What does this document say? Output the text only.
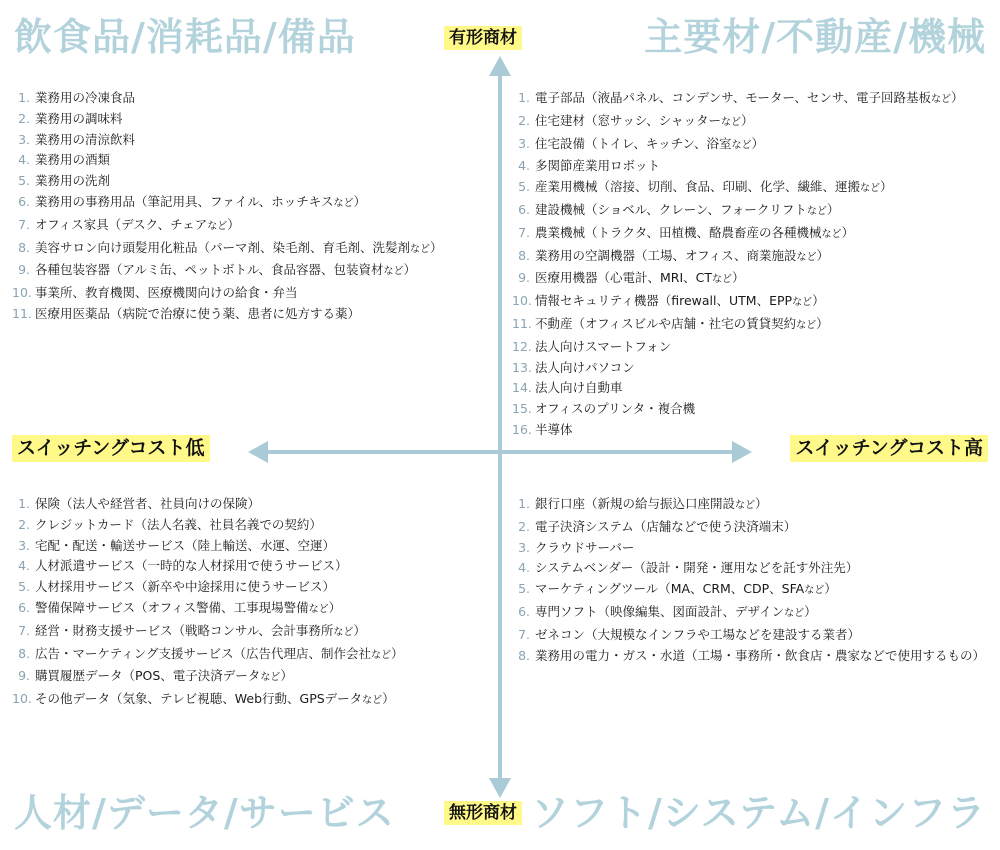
飲食品/消耗品/備品	主要材/不動産/機械
人材/データ/サービス	ソフト/システム/インフラ
有形商材
無形商材
スイッチングコスト低	スイッチングコスト高
1. 業務用の冷凍食品
2. 業務用の調味料
3. 業務用の清涼飲料
4. 業務用の酒類
5. 業務用の洗剤
6. 業務用の事務用品（筆記用具、ファイル、ホッチキスなど）
7. オフィス家具（デスク、チェアなど）
8. 美容サロン向け頭髪用化粧品（パーマ剤、染毛剤、育毛剤、洗髪剤など）
9. 各種包装容器（アルミ缶、ペットボトル、食品容器、包装資材など）
10. 事業所、教育機関、医療機関向けの給食・弁当
11. 医療用医薬品（病院で治療に使う薬、患者に処方する薬）
1. 電子部品（液晶パネル、コンデンサ、モーター、センサ、電子回路基板など）
2. 住宅建材（窓サッシ、シャッターなど）
3. 住宅設備（トイレ、キッチン、浴室など）
4. 多関節産業用ロボット
5. 産業用機械（溶接、切削、食品、印刷、化学、繊維、運搬など）
6. 建設機械（ショベル、クレーン、フォークリフトなど）
7. 農業機械（トラクタ、田植機、酪農畜産の各種機械など）
8. 業務用の空調機器（工場、オフィス、商業施設など）
9. 医療用機器（心電計、MRI、CTなど）
10. 情報セキュリティ機器（firewall、UTM、EPPなど）
11. 不動産（オフィスビルや店舗・社宅の賃貸契約など）
12. 法人向けスマートフォン
13. 法人向けパソコン
14. 法人向け自動車
15. オフィスのプリンタ・複合機
16. 半導体
1. 保険（法人や経営者、社員向けの保険）
2. クレジットカード（法人名義、社員名義での契約）
3. 宅配・配送・輸送サービス（陸上輸送、水運、空運）
4. 人材派遣サービス（一時的な人材採用で使うサービス）
5. 人材採用サービス（新卒や中途採用に使うサービス）
6. 警備保障サービス（オフィス警備、工事現場警備など）
7. 経営・財務支援サービス（戦略コンサル、会計事務所など）
8. 広告・マーケティング支援サービス（広告代理店、制作会社など）
9. 購買履歴データ（POS、電子決済データなど）
10. その他データ（気象、テレビ視聴、Web行動、GPSデータなど）
1. 銀行口座（新規の給与振込口座開設など）
2. 電子決済システム（店舗などで使う決済端末）
3. クラウドサーバー
4. システムベンダー（設計・開発・運用などを託す外注先）
5. マーケティングツール（MA、CRM、CDP、SFAなど）
6. 専門ソフト（映像編集、図面設計、デザインなど）
7. ゼネコン（大規模なインフラや工場などを建設する業者）
8. 業務用の電力・ガス・水道（工場・事務所・飲食店・農家などで使用するもの）
